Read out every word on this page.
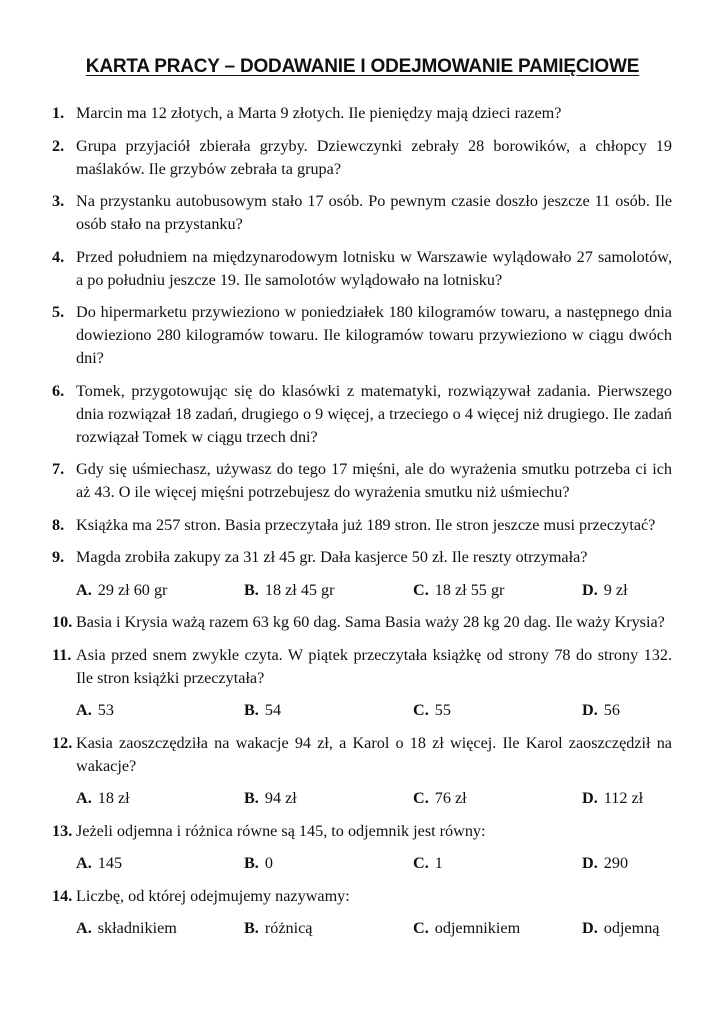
KARTA PRACY – DODAWANIE I ODEJMOWANIE PAMIĘCIOWE
1. Marcin ma 12 złotych, a Marta 9 złotych. Ile pieniędzy mają dzieci razem?
2. Grupa przyjaciół zbierała grzyby. Dziewczynki zebrały 28 borowików, a chłopcy 19 maślaków. Ile grzybów zebrała ta grupa?
3. Na przystanku autobusowym stało 17 osób. Po pewnym czasie doszło jeszcze 11 osób. Ile osób stało na przystanku?
4. Przed południem na międzynarodowym lotnisku w Warszawie wylądowało 27 samolotów, a po południu jeszcze 19. Ile samolotów wylądowało na lotnisku?
5. Do hipermarketu przywieziono w poniedziałek 180 kilogramów towaru, a następnego dnia dowieziono 280 kilogramów towaru. Ile kilogramów towaru przywieziono w ciągu dwóch dni?
6. Tomek, przygotowując się do klasówki z matematyki, rozwiązywał zadania. Pierwszego dnia rozwiązał 18 zadań, drugiego o 9 więcej, a trzeciego o 4 więcej niż drugiego. Ile zadań rozwiązał Tomek w ciągu trzech dni?
7. Gdy się uśmiechasz, używasz do tego 17 mięśni, ale do wyrażenia smutku potrzeba ci ich aż 43. O ile więcej mięśni potrzebujesz do wyrażenia smutku niż uśmiechu?
8. Książka ma 257 stron. Basia przeczytała już 189 stron. Ile stron jeszcze musi przeczytać?
9. Magda zrobiła zakupy za 31 zł 45 gr. Dała kasjerce 50 zł. Ile reszty otrzymała?
A. 29 zł 60 gr	B. 18 zł 45 gr	C. 18 zł 55 gr	D. 9 zł
10. Basia i Krysia ważą razem 63 kg 60 dag. Sama Basia waży 28 kg 20 dag. Ile waży Krysia?
11. Asia przed snem zwykle czyta. W piątek przeczytała książkę od strony 78 do strony 132. Ile stron książki przeczytała?
A. 53	B. 54	C. 55	D. 56
12. Kasia zaoszczędziła na wakacje 94 zł, a Karol o 18 zł więcej. Ile Karol zaoszczędził na wakacje?
A. 18 zł	B. 94 zł	C. 76 zł	D. 112 zł
13. Jeżeli odjemna i różnica równe są 145, to odjemnik jest równy:
A. 145	B. 0	C. 1	D. 290
14. Liczbę, od której odejmujemy nazywamy:
A. składnikiem	B. różnicą	C. odjemnikiem	D. odjemną
